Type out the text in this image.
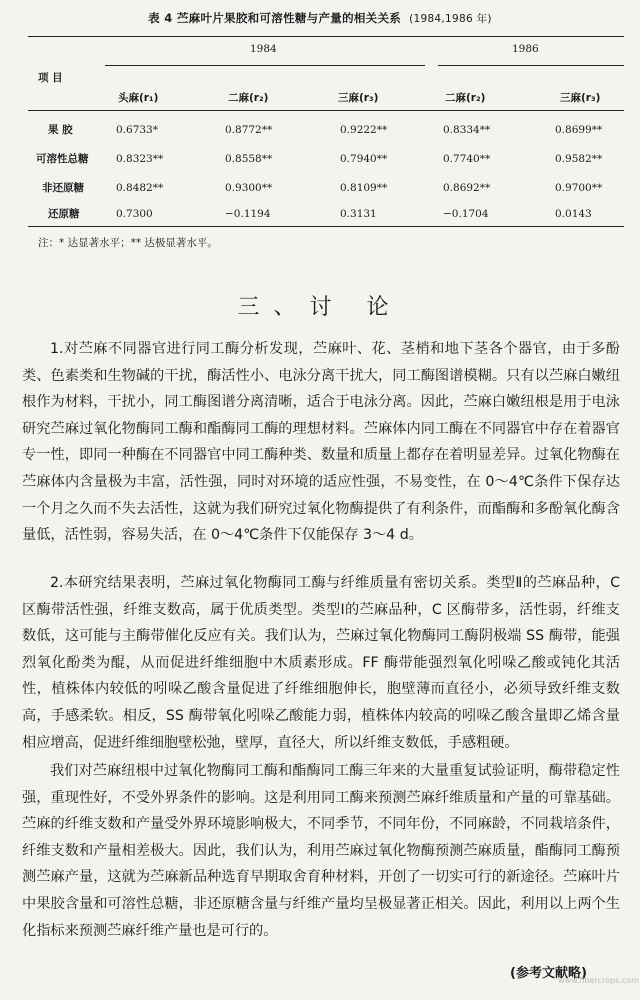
表 4 苎麻叶片果胶和可溶性糖与产量的相关关系 (1984,1986 年)
项 目
1984	1986
头麻(r₁)	二麻(r₂)	三麻(r₃)	二麻(r₂)	三麻(r₃)
果 胶	0.6733*	0.8772**	0.9222**	0.8334**	0.8699**
可溶性总糖	0.8323**	0.8558**	0.7940**	0.7740**	0.9582**
非还原糖	0.8482**	0.9300**	0.8109**	0.8692**	0.9700**
还原糖	0.7300	−0.1194	0.3131	−0.1704	0.0143
注：* 达显著水平；** 达极显著水平。
三、讨 论

1.对苎麻不同器官进行同工酶分析发现，苎麻叶、花、茎梢和地下茎各个器官，由于多酚类、色素类和生物碱的干扰，酶活性小、电泳分离干扰大，同工酶图谱模糊。只有以苎麻白嫩纽根作为材料，干扰小，同工酶图谱分离清晰，适合于电泳分离。因此，苎麻白嫩纽根是用于电泳研究苎麻过氧化物酶同工酶和酯酶同工酶的理想材料。苎麻体内同工酶在不同器官中存在着器官专一性，即同一种酶在不同器官中同工酶种类、数量和质量上都存在着明显差异。过氧化物酶在苎麻体内含量极为丰富，活性强，同时对环境的适应性强，不易变性，在 0～4℃条件下保存达一个月之久而不失去活性，这就为我们研究过氧化物酶提供了有利条件，而酯酶和多酚氧化酶含量低，活性弱，容易失活，在 0～4℃条件下仅能保存 3～4 d。

2.本研究结果表明，苎麻过氧化物酶同工酶与纤维质量有密切关系。类型Ⅱ的苎麻品种，C 区酶带活性强，纤维支数高，属于优质类型。类型Ⅰ的苎麻品种，C 区酶带多，活性弱，纤维支数低，这可能与主酶带催化反应有关。我们认为，苎麻过氧化物酶同工酶阴极端 SS 酶带，能强烈氧化酚类为醌，从而促进纤维细胞中木质素形成。FF 酶带能强烈氧化吲哚乙酸或钝化其活性，植株体内较低的吲哚乙酸含量促进了纤维细胞伸长，胞壁薄而直径小，必须导致纤维支数高，手感柔软。相反，SS 酶带氧化吲哚乙酸能力弱，植株体内较高的吲哚乙酸含量即乙烯含量相应增高，促进纤维细胞壁松弛，壁厚，直径大，所以纤维支数低，手感粗硬。

我们对苎麻纽根中过氧化物酶同工酶和酯酶同工酶三年来的大量重复试验证明，酶带稳定性强，重现性好，不受外界条件的影响。这是利用同工酶来预测苎麻纤维质量和产量的可靠基础。苎麻的纤维支数和产量受外界环境影响极大，不同季节，不同年份，不同麻龄，不同栽培条件，纤维支数和产量相差极大。因此，我们认为，利用苎麻过氧化物酶预测苎麻质量，酯酶同工酶预测苎麻产量，这就为苎麻新品种选育早期取舍育种材料，开创了一切实可行的新途径。苎麻叶片中果胶含量和可溶性总糖，非还原糖含量与纤维产量均呈极显著正相关。因此，利用以上两个生化指标来预测苎麻纤维产量也是可行的。

(参考文献略)
www.fibercrops.com
